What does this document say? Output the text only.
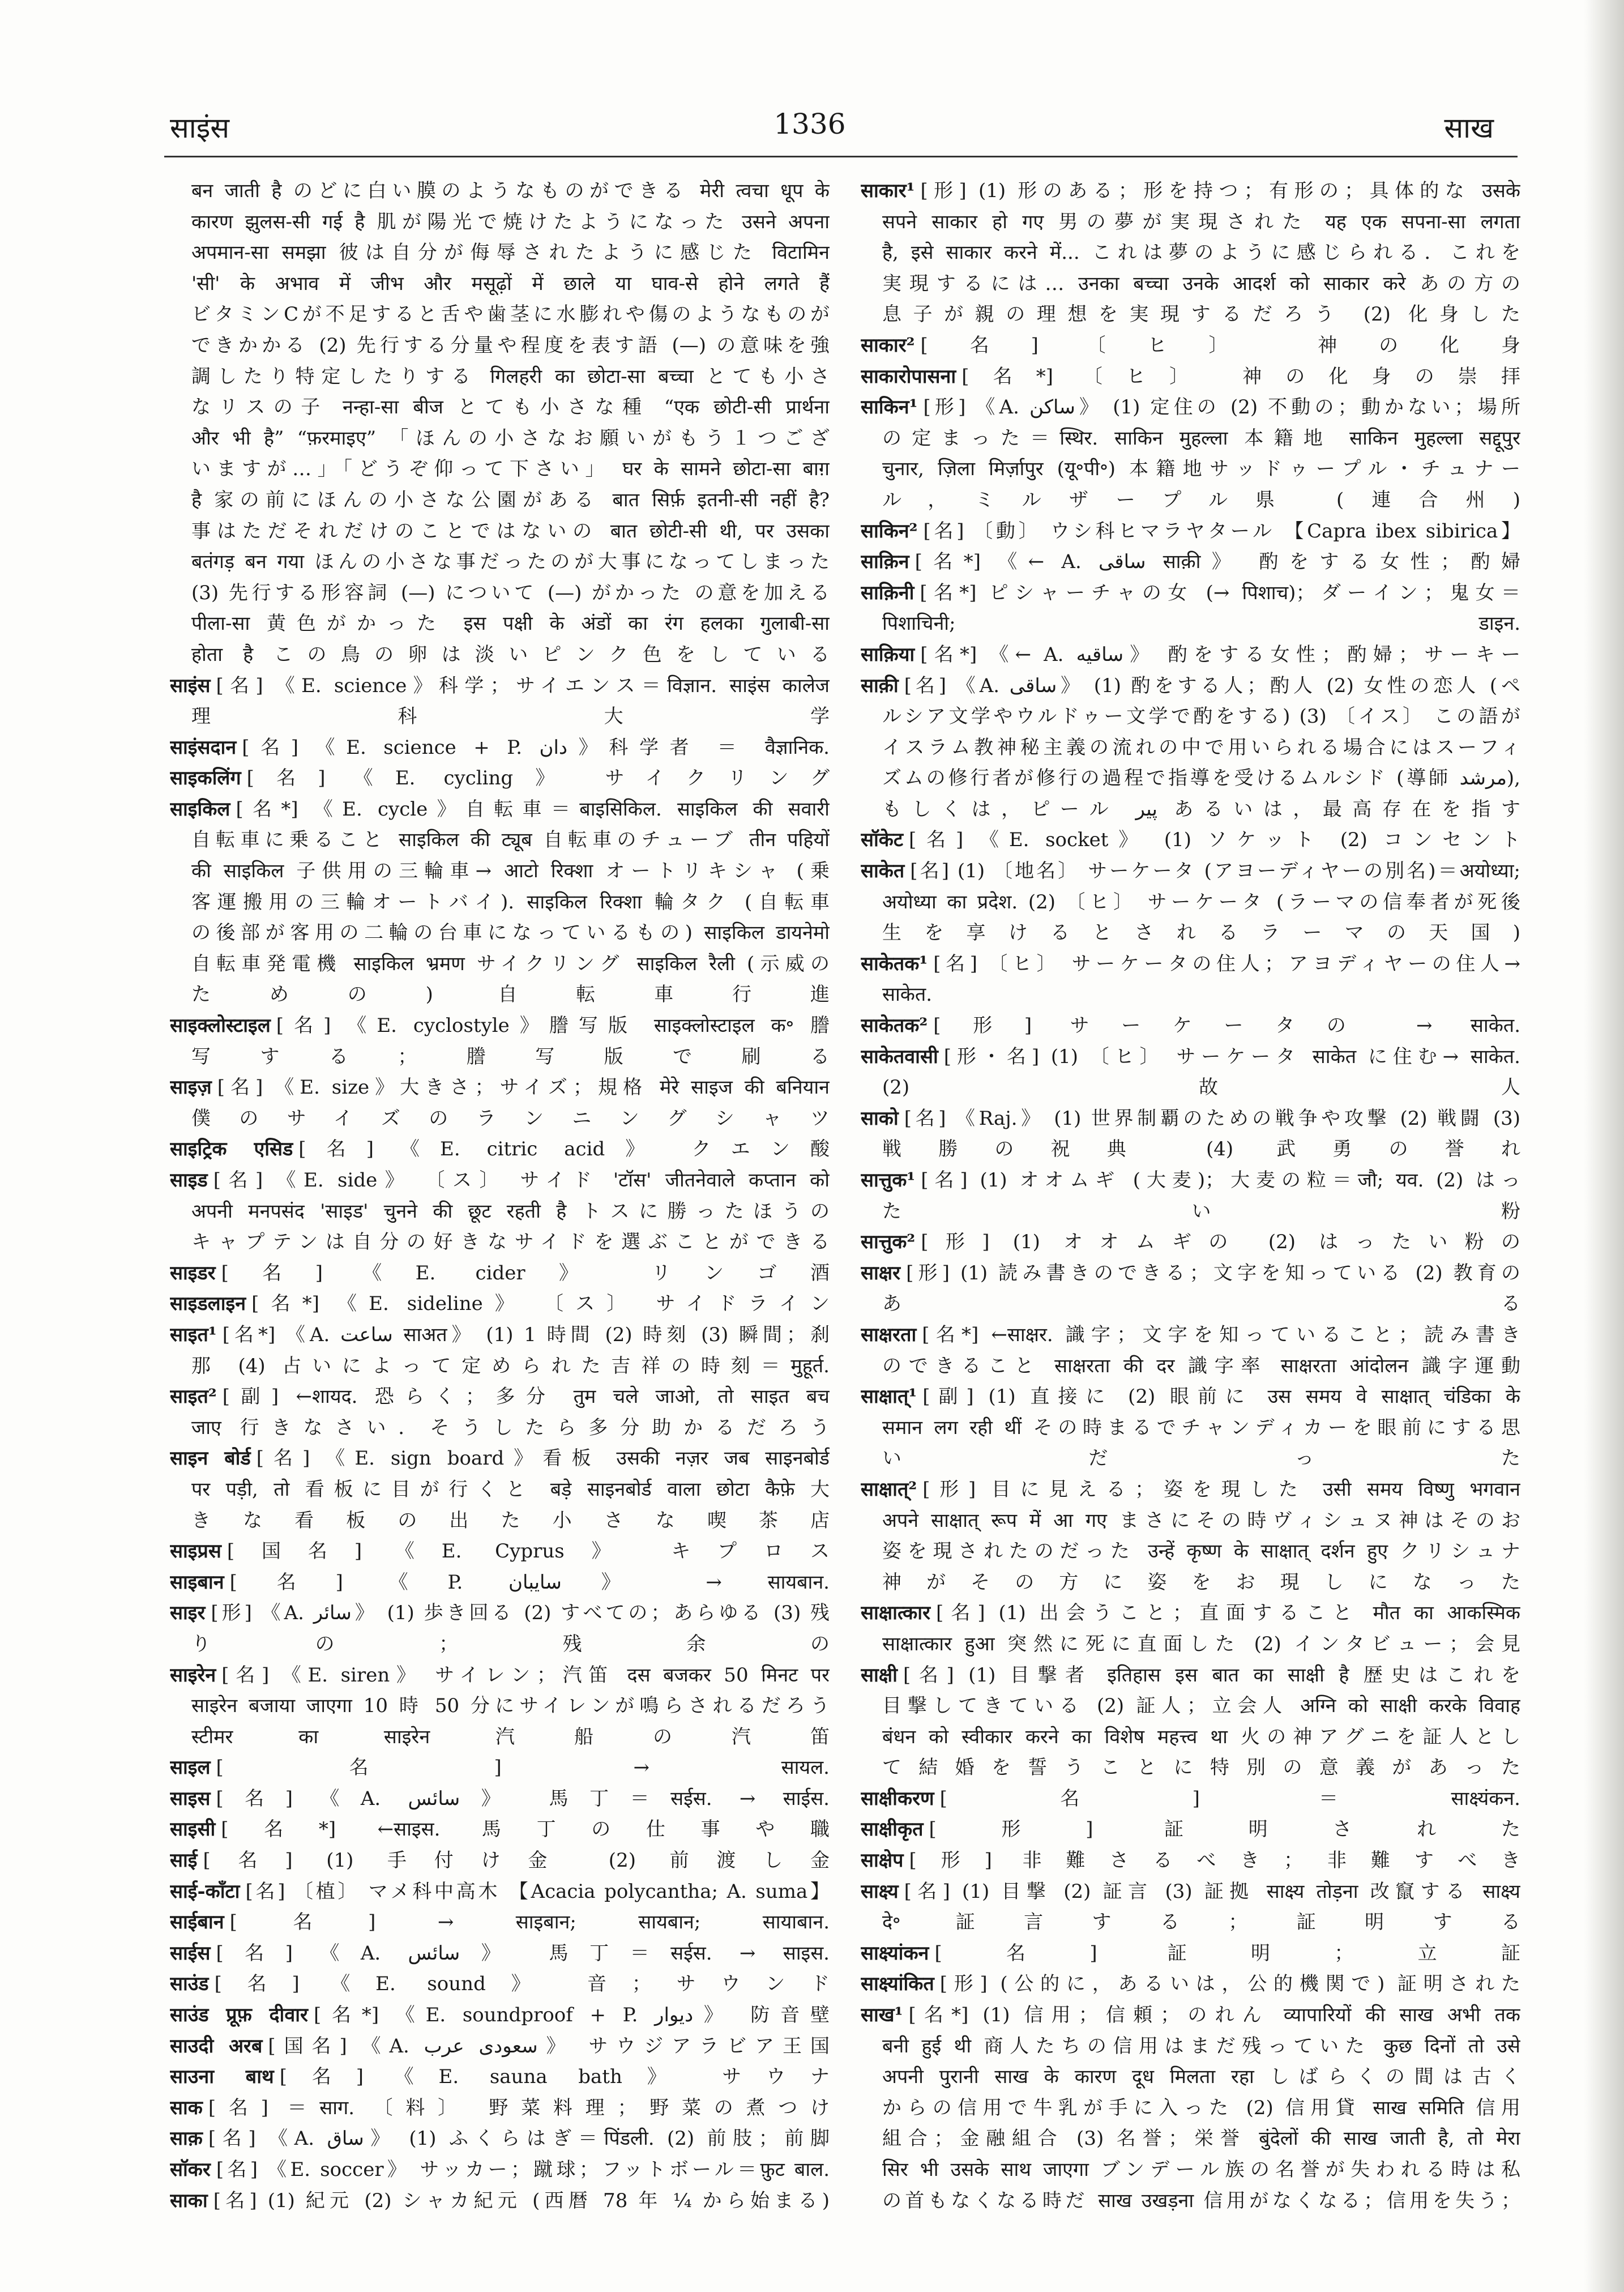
साइंस	1336	साख
बन जाती है のどに白い膜のようなものができる मेरी त्वचा धूप के
कारण झुलस-सी गई है 肌が陽光で焼けたようになった उसने अपना
अपमान-सा समझा 彼は自分が侮辱されたように感じた विटामिन
'सी' के अभाव में जीभ और मसूढ़ों में छाले या घाव-से होने लगते हैं
ビタミンCが不足すると舌や歯茎に水膨れや傷のようなものが
できかかる (2) 先行する分量や程度を表す語 (—) の意味を強
調したり特定したりする गिलहरी का छोटा-सा बच्चा とても小さ
なリスの子 नन्हा-सा बीज とても小さな種 “एक छोटी-सी प्रार्थना
और भी है” “फ़रमाइए” 「ほんの小さなお願いがもう１つござ
いますが…」「どうぞ仰って下さい」 घर के सामने छोटा-सा बाग़
है 家の前にほんの小さな公園がある बात सिर्फ़ इतनी-सी नहीं है?
事はただそれだけのことではないの बात छोटी-सी थी, पर उसका
बतंगड़ बन गया ほんの小さな事だったのが大事になってしまった
(3) 先行する形容詞 (—) について (—) がかった の意を加える
पीला-सा 黄色がかった इस पक्षी के अंडों का रंग हलका गुलाबी-सा
होता है この鳥の卵は淡いピンク色をしている
साइंस [名] 《E. science》科学；サイエンス＝विज्ञान. साइंस कालेज
理科大学
साइंसदान [名] 《E. science + P. دان》科学者 ＝ वैज्ञानिक.
साइकलिंग [名] 《E. cycling》 サイクリング
साइकिल [名*] 《E. cycle》自転車＝बाइसिकिल. साइकिल की सवारी
自転車に乗ること साइकिल की ट्यूब 自転車のチューブ तीन पहियों
की साइकिल 子供用の三輪車→ आटो रिक्शा オートリキシャ (乗
客運搬用の三輪オートバイ). साइकिल रिक्शा 輪タク (自転車
の後部が客用の二輪の台車になっているもの) साइकिल डायनेमो
自転車発電機 साइकिल भ्रमण サイクリング साइकिल रैली (示威の
ための) 自転車行進
साइक्लोस्टाइल [名] 《E. cyclostyle》謄写版 साइक्लोस्टाइल क॰ 謄
写する；謄写版で刷る
साइज़ [名] 《E. size》大きさ；サイズ；規格 मेरे साइज की बनियान
僕のサイズのランニングシャツ
साइट्रिक एसिड [名] 《E. citric acid》 クエン酸
साइड [名] 《E. side》 〔ス〕 サイド 'टॉस' जीतनेवाले कप्तान को
अपनी मनपसंद 'साइड' चुनने की छूट रहती है トスに勝ったほうの
キャプテンは自分の好きなサイドを選ぶことができる
साइडर [名] 《E. cider》 リンゴ酒
साइडलाइन [名*] 《E. sideline》 〔ス〕 サイドライン
साइत¹ [名*] 《A. ساعت साअत》 (1) 1 時間 (2) 時刻 (3) 瞬間；刹
那 (4) 占いによって定められた吉祥の時刻＝मुहूर्त.
साइत² [副] ←शायद. 恐らく；多分 तुम चले जाओ, तो साइत बच
जाए 行きなさい．そうしたら多分助かるだろう
साइन बोर्ड [名] 《E. sign board》看板 उसकी नज़र जब साइनबोर्ड
पर पड़ी, तो 看板に目が行くと बड़े साइनबोर्ड वाला छोटा कैफ़े 大
きな看板の出た小さな喫茶店
साइप्रस [国名] 《E. Cyprus》 キプロス
साइबान [名] 《P. سايبان》 → सायबान.
साइर [形] 《A. سائر》 (1) 歩き回る (2) すべての；あらゆる (3) 残
りの；残余の
साइरेन [名] 《E. siren》 サイレン；汽笛 दस बजकर 50 मिनट पर
साइरेन बजाया जाएगा 10 時 50 分にサイレンが鳴らされるだろう
स्टीमर का साइरेन 汽船の汽笛
साइल [名] → सायल.
साइस [名] 《A. سائس》 馬丁＝सईस. → साईस.
साइसी [名*] ←साइस. 馬丁の仕事や職
साई [名] (1) 手付け金 (2) 前渡し金
साई-काँटा [名] 〔植〕 マメ科中高木 【Acacia polycantha; A. suma】
साईबान [名] → साइबान; सायबान; सायाबान.
साईस [名] 《A. سائس》 馬丁＝सईस. → साइस.
साउंड [名] 《E. sound》 音；サウンド
साउंड प्रूफ़ दीवार [名*] 《E. soundproof + P. ديوار》 防音壁
साउदी अरब [国名] 《A. سعودی عرب》 サウジアラビア王国
साउना बाथ [名] 《E. sauna bath》 サウナ
साक [名] ＝साग. 〔料〕 野菜料理；野菜の煮つけ
साक़ [名] 《A. ساق》 (1) ふくらはぎ＝पिंडली. (2) 前肢；前脚
सॉकर [名] 《E. soccer》 サッカー；蹴球；フットボール＝फ़ुट बाल.
साका [名] (1) 紀元 (2) シャカ紀元 (西暦 78 年 ¼ から始まる)
साकार¹ [形] (1) 形のある；形を持つ；有形の；具体的な उसके
सपने साकार हो गए 男の夢が実現された यह एक सपना-सा लगता
है, इसे साकार करने में... これは夢のように感じられる．これを
実現するには… उनका बच्चा उनके आदर्श को साकार करे あの方の
息子が親の理想を実現するだろう (2) 化身した
साकार² [名] 〔ヒ〕 神の化身
साकारोपासना [名*] 〔ヒ〕 神の化身の崇拝
साकिन¹ [形] 《A. ساكن》 (1) 定住の (2) 不動の；動かない；場所
の定まった＝स्थिर. साकिन मुहल्ला 本籍地 साकिन मुहल्ला सद्दूपुर
चुनार, ज़िला मिर्ज़ापुर (यू॰पी॰) 本籍地サッドゥープル・チュナー
ル，ミルザープル県 (連合州)
साकिन² [名] 〔動〕 ウシ科ヒマラヤタール 【Capra ibex sibirica】
साक़िन [名*] 《← A. ساقی साक़ी》 酌をする女性；酌婦
साक़िनी [名*] ピシャーチャの女 (→ पिशाच)；ダーイン；鬼女＝
पिशाचिनी; डाइन.
साक़िया [名*] 《← A. ساقیه》 酌をする女性；酌婦；サーキー
साक़ी [名] 《A. ساقی》 (1) 酌をする人；酌人 (2) 女性の恋人 (ペ
ルシア文学やウルドゥー文学で酌をする) (3) 〔イス〕 この語が
イスラム教神秘主義の流れの中で用いられる場合にはスーフィ
ズムの修行者が修行の過程で指導を受けるムルシド (導師 مرشد),
もしくは，ピール پیر あるいは，最高存在を指す
सॉकेट [名] 《E. socket》 (1) ソケット (2) コンセント
साकेत [名] (1) 〔地名〕 サーケータ (アヨーディヤーの別名)＝अयोध्या;
अयोध्या का प्रदेश. (2) 〔ヒ〕 サーケータ (ラーマの信奉者が死後
生を享けるとされるラーマの天国)
साकेतक¹ [名] 〔ヒ〕 サーケータの住人；アヨディヤーの住人→
साकेत.
साकेतक² [形] サーケータの → साकेत.
साकेतवासी [形・名] (1) 〔ヒ〕 サーケータ साकेत に住む→ साकेत.
(2) 故人
साको [名] 《Raj.》 (1) 世界制覇のための戦争や攻撃 (2) 戦闘 (3)
戦勝の祝典 (4) 武勇の誉れ
सात्तुक¹ [名] (1) オオムギ (大麦)；大麦の粒＝जौ; यव. (2) はっ
たい粉
सात्तुक² [形] (1) オオムギの (2) はったい粉の
साक्षर [形] (1) 読み書きのできる；文字を知っている (2) 教育の
ある
साक्षरता [名*] ←साक्षर. 識字；文字を知っていること；読み書き
のできること साक्षरता की दर 識字率 साक्षरता आंदोलन 識字運動
साक्षात्¹ [副] (1) 直接に (2) 眼前に उस समय वे साक्षात् चंडिका के
समान लग रही थीं その時まるでチャンディカーを眼前にする思
いだった
साक्षात्² [形] 目に見える；姿を現した उसी समय विष्णु भगवान
अपने साक्षात् रूप में आ गए まさにその時ヴィシュヌ神はそのお
姿を現されたのだった उन्हें कृष्ण के साक्षात् दर्शन हुए クリシュナ
神がその方に姿をお現しになった
साक्षात्कार [名] (1) 出会うこと；直面すること मौत का आकस्मिक
साक्षात्कार हुआ 突然に死に直面した (2) インタビュー；会見
साक्षी [名] (1) 目撃者 इतिहास इस बात का साक्षी है 歴史はこれを
目撃してきている (2) 証人；立会人 अग्नि को साक्षी करके विवाह
बंधन को स्वीकार करने का विशेष महत्त्व था 火の神アグニを証人とし
て結婚を誓うことに特別の意義があった
साक्षीकरण [名] ＝साक्ष्यंकन.
साक्षीकृत [形] 証明された
साक्षेप [形] 非難さるべき；非難すべき
साक्ष्य [名] (1) 目撃 (2) 証言 (3) 証拠 साक्ष्य तोड़ना 改竄する साक्ष्य
दे॰ 証言する；証明する
साक्ष्यांकन [名] 証明；立証
साक्ष्यांकित [形] (公的に，あるいは，公的機関で) 証明された
साख¹ [名*] (1) 信用；信頼；のれん व्यापारियों की साख अभी तक
बनी हुई थी 商人たちの信用はまだ残っていた कुछ दिनों तो उसे
अपनी पुरानी साख के कारण दूध मिलता रहा しばらくの間は古く
からの信用で牛乳が手に入った (2) 信用貸 साख समिति 信用
組合；金融組合 (3) 名誉；栄誉 बुंदेलों की साख जाती है, तो मेरा
सिर भी उसके साथ जाएगा ブンデール族の名誉が失われる時は私
の首もなくなる時だ साख उखड़ना 信用がなくなる；信用を失う；
